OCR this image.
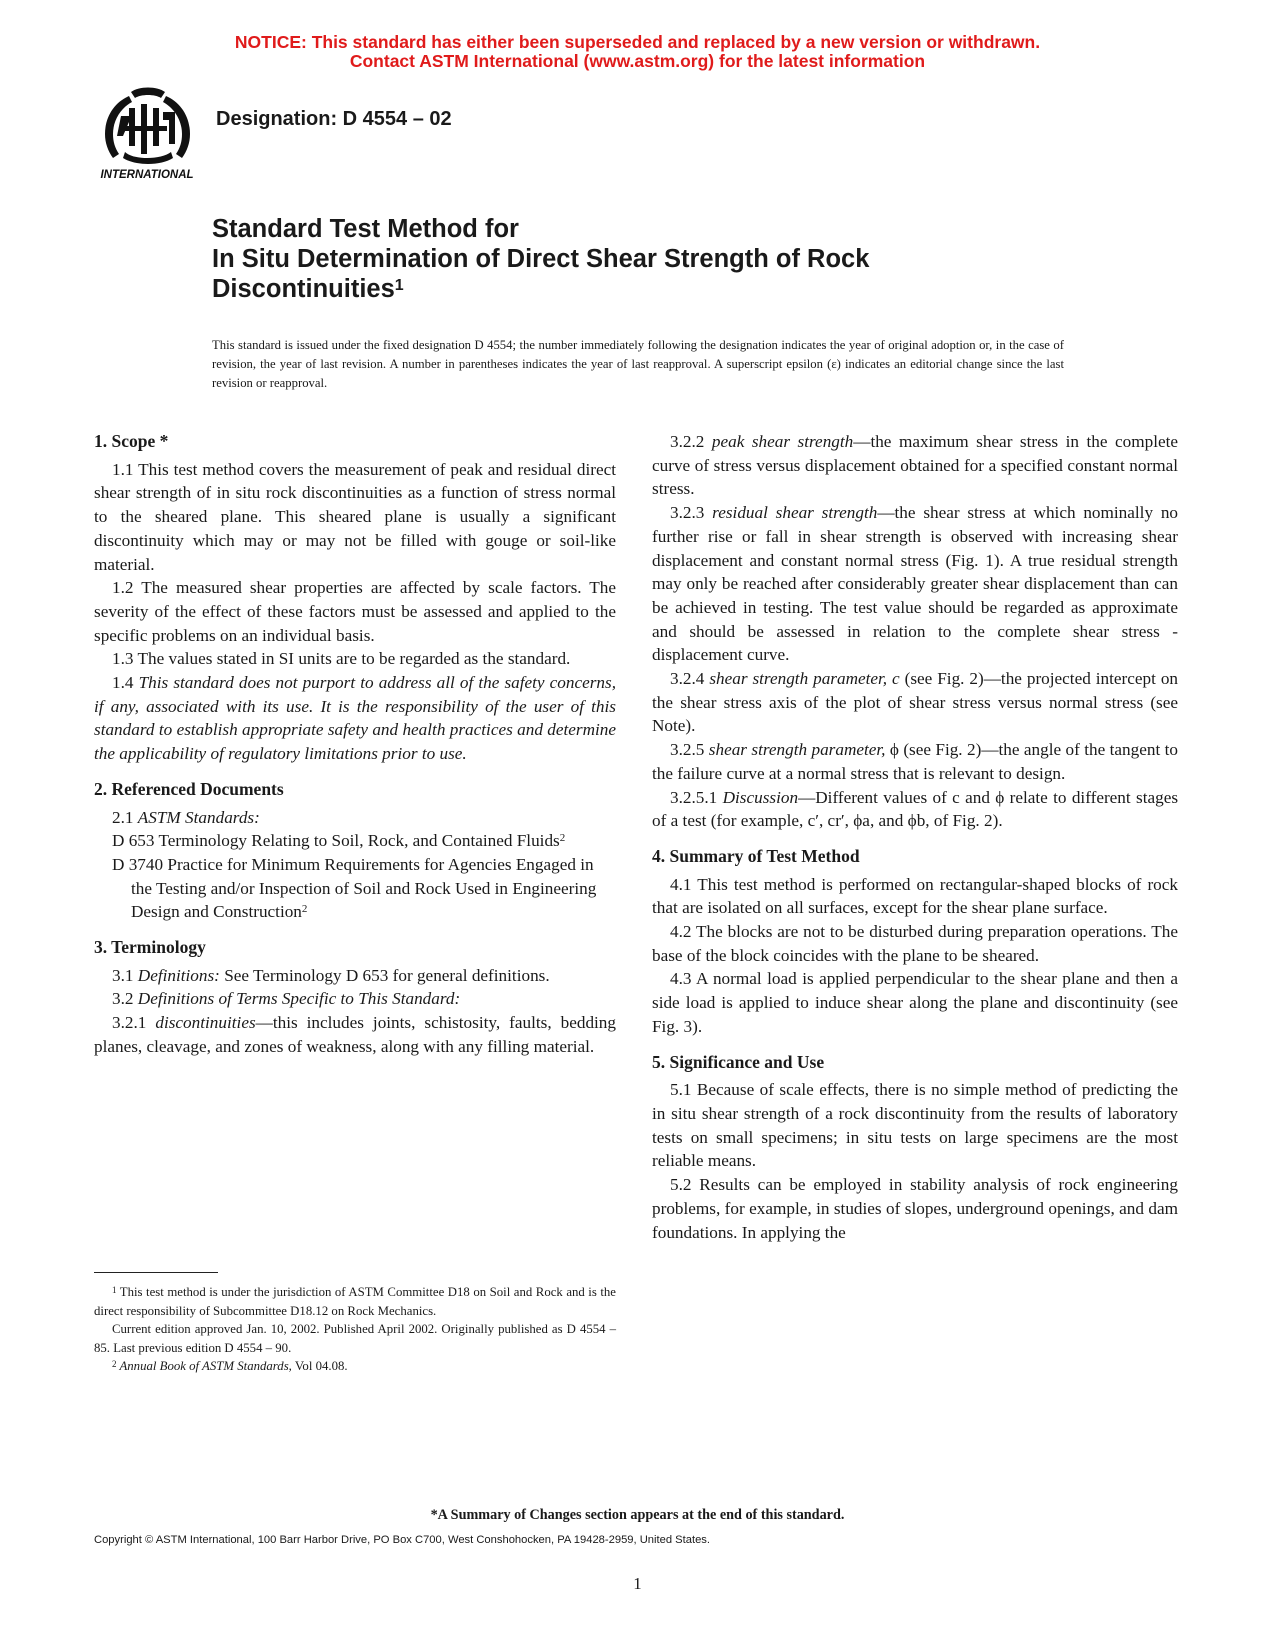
NOTICE: This standard has either been superseded and replaced by a new version or withdrawn.
Contact ASTM International (www.astm.org) for the latest information
INTERNATIONAL
Designation: D 4554 – 02
Standard Test Method for
In Situ Determination of Direct Shear Strength of Rock
Discontinuities$^1$
This standard is issued under the fixed designation D 4554; the number immediately following the designation indicates the year of original adoption or, in the case of revision, the year of last revision. A number in parentheses indicates the year of last reapproval. A superscript epsilon (ε) indicates an editorial change since the last revision or reapproval.
1. Scope *

1.1 This test method covers the measurement of peak and residual direct shear strength of in situ rock discontinuities as a function of stress normal to the sheared plane. This sheared plane is usually a significant discontinuity which may or may not be filled with gouge or soil-like material.

1.2 The measured shear properties are affected by scale factors. The severity of the effect of these factors must be assessed and applied to the specific problems on an individual basis.

1.3 The values stated in SI units are to be regarded as the standard.

1.4 This standard does not purport to address all of the safety concerns, if any, associated with its use. It is the responsibility of the user of this standard to establish appropriate safety and health practices and determine the applicability of regulatory limitations prior to use.

2. Referenced Documents

2.1 ASTM Standards:

D 653 Terminology Relating to Soil, Rock, and Contained Fluids$^2$

D 3740 Practice for Minimum Requirements for Agencies Engaged in the Testing and/or Inspection of Soil and Rock Used in Engineering Design and Construction$^2$

3. Terminology

3.1 Definitions: See Terminology D 653 for general definitions.

3.2 Definitions of Terms Specific to This Standard:

3.2.1 discontinuities—this includes joints, schistosity, faults, bedding planes, cleavage, and zones of weakness, along with any filling material.

3.2.2 peak shear strength—the maximum shear stress in the complete curve of stress versus displacement obtained for a specified constant normal stress.

3.2.3 residual shear strength—the shear stress at which nominally no further rise or fall in shear strength is observed with increasing shear displacement and constant normal stress (Fig. 1). A true residual strength may only be reached after considerably greater shear displacement than can be achieved in testing. The test value should be regarded as approximate and should be assessed in relation to the complete shear stress - displacement curve.

3.2.4 shear strength parameter, c (see Fig. 2)—the projected intercept on the shear stress axis of the plot of shear stress versus normal stress (see Note).

3.2.5 shear strength parameter, ϕ (see Fig. 2)—the angle of the tangent to the failure curve at a normal stress that is relevant to design.

3.2.5.1 Discussion—Different values of c and ϕ relate to different stages of a test (for example, c′, cr′, ϕa, and ϕb, of Fig. 2).

4. Summary of Test Method

4.1 This test method is performed on rectangular-shaped blocks of rock that are isolated on all surfaces, except for the shear plane surface.

4.2 The blocks are not to be disturbed during preparation operations. The base of the block coincides with the plane to be sheared.

4.3 A normal load is applied perpendicular to the shear plane and then a side load is applied to induce shear along the plane and discontinuity (see Fig. 3).

5. Significance and Use

5.1 Because of scale effects, there is no simple method of predicting the in situ shear strength of a rock discontinuity from the results of laboratory tests on small specimens; in situ tests on large specimens are the most reliable means.

5.2 Results can be employed in stability analysis of rock engineering problems, for example, in studies of slopes, underground openings, and dam foundations. In applying the

$^1$ This test method is under the jurisdiction of ASTM Committee D18 on Soil and Rock and is the direct responsibility of Subcommittee D18.12 on Rock Mechanics.

Current edition approved Jan. 10, 2002. Published April 2002. Originally published as D 4554 – 85. Last previous edition D 4554 – 90.

$^2$ Annual Book of ASTM Standards, Vol 04.08.

*A Summary of Changes section appears at the end of this standard.
Copyright © ASTM International, 100 Barr Harbor Drive, PO Box C700, West Conshohocken, PA 19428-2959, United States.
1
